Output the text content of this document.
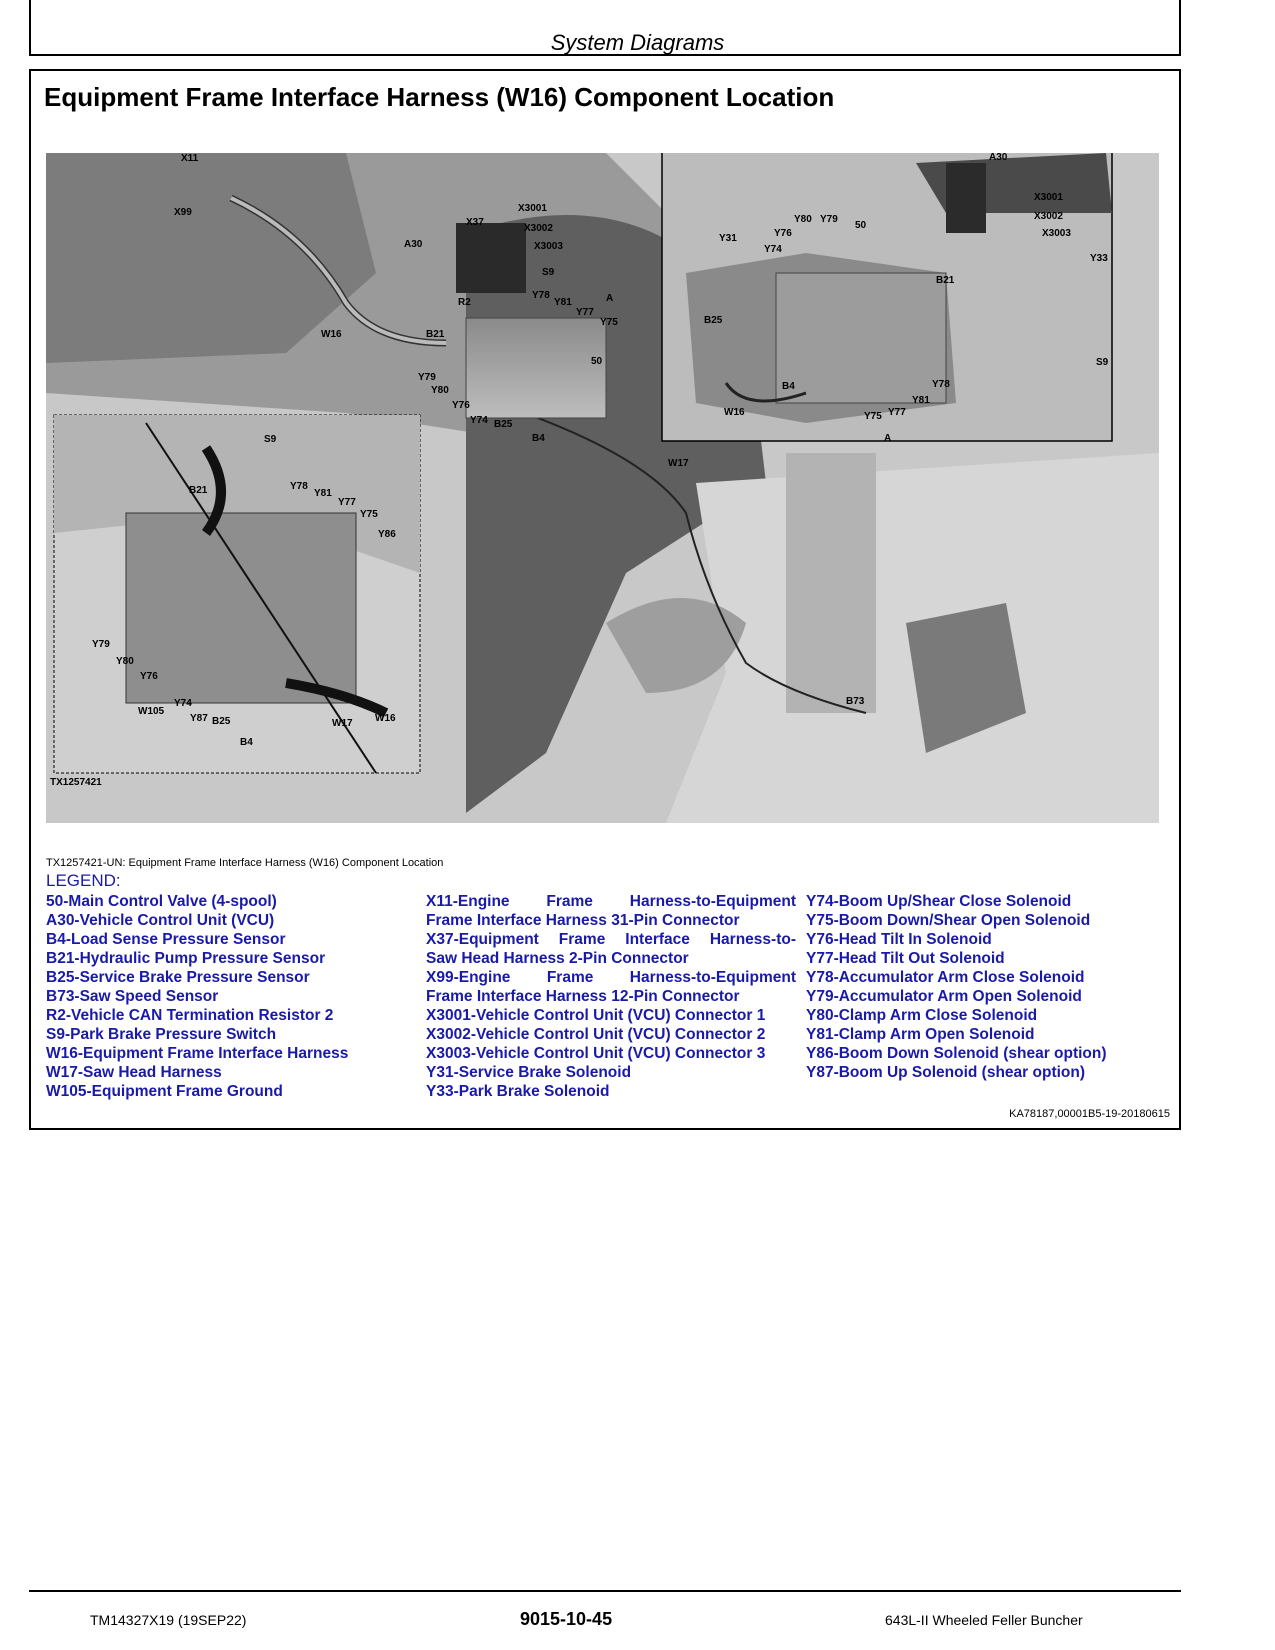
System Diagrams
Equipment Frame Interface Harness (W16) Component Location
X11
X99
X37
X3001
X3002
X3003
A30
S9
R2
Y78
Y81
Y77
Y75
A
W16	B21
50
Y79
Y80
Y76
Y74 B25
B4
W17
B73
A30
X3001
X3002
X3003
Y80 Y79
Y76
Y74
Y31
50
Y33
B21
B25
S9
B4
W16
Y78
Y81
Y77
Y75
A
S9
B21	Y78
Y81
Y77
Y75
Y86
Y79
Y80
Y76
W105
Y74
Y87 B25
B4
W17 W16
TX1257421
TX1257421-UN: Equipment Frame Interface Harness (W16) Component Location
LEGEND:
50-Main Control Valve (4-spool)
A30-Vehicle Control Unit (VCU)
B4-Load Sense Pressure Sensor
B21-Hydraulic Pump Pressure Sensor
B25-Service Brake Pressure Sensor
B73-Saw Speed Sensor
R2-Vehicle CAN Termination Resistor 2
S9-Park Brake Pressure Switch
W16-Equipment Frame Interface Harness
W17-Saw Head Harness
W105-Equipment Frame Ground
X11-Engine Frame Harness-to-Equipment
Frame Interface Harness 31-Pin Connector
X37-Equipment Frame Interface Harness-to-
Saw Head Harness 2-Pin Connector
X99-Engine Frame Harness-to-Equipment
Frame Interface Harness 12-Pin Connector
X3001-Vehicle Control Unit (VCU) Connector 1
X3002-Vehicle Control Unit (VCU) Connector 2
X3003-Vehicle Control Unit (VCU) Connector 3
Y31-Service Brake Solenoid
Y33-Park Brake Solenoid
Y74-Boom Up/Shear Close Solenoid
Y75-Boom Down/Shear Open Solenoid
Y76-Head Tilt In Solenoid
Y77-Head Tilt Out Solenoid
Y78-Accumulator Arm Close Solenoid
Y79-Accumulator Arm Open Solenoid
Y80-Clamp Arm Close Solenoid
Y81-Clamp Arm Open Solenoid
Y86-Boom Down Solenoid (shear option)
Y87-Boom Up Solenoid (shear option)
KA78187,00001B5-19-20180615
TM14327X19 (19SEP22)	9015-10-45	643L-II Wheeled Feller Buncher
